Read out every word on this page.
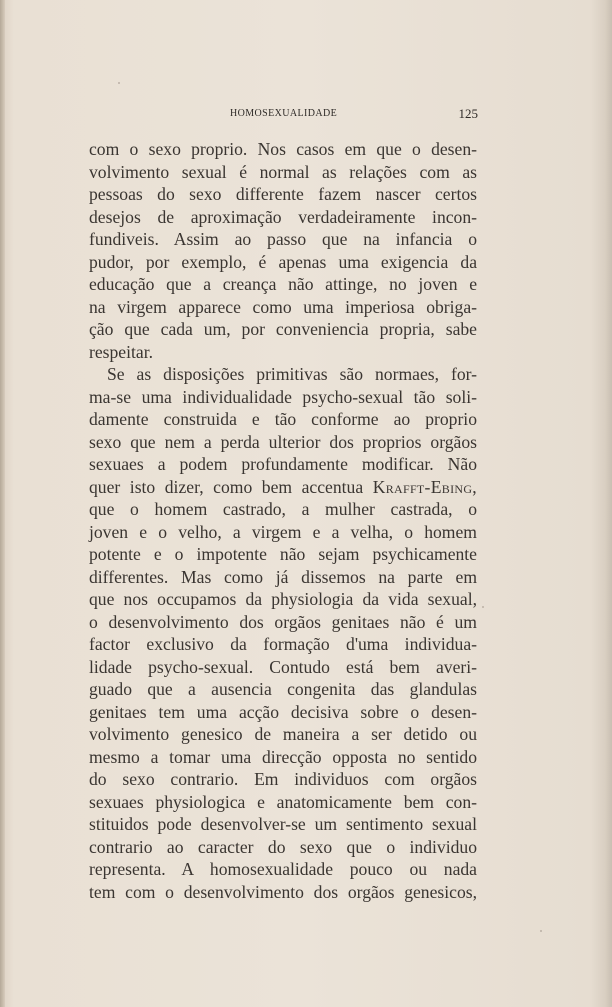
HOMOSEXUALIDADE	125
com o sexo proprio. Nos casos em que o desen-
volvimento sexual é normal as relações com as
pessoas do sexo differente fazem nascer certos
desejos de aproximação verdadeiramente incon-
fundiveis. Assim ao passo que na infancia o
pudor, por exemplo, é apenas uma exigencia da
educação que a creança não attinge, no joven e
na virgem apparece como uma imperiosa obriga-
ção que cada um, por conveniencia propria, sabe
respeitar.
Se as disposições primitivas são normaes, for-
ma-se uma individualidade psycho-sexual tão soli-
damente construida e tão conforme ao proprio
sexo que nem a perda ulterior dos proprios orgãos
sexuaes a podem profundamente modificar. Não
quer isto dizer, como bem accentua Krafft-Ebing,
que o homem castrado, a mulher castrada, o
joven e o velho, a virgem e a velha, o homem
potente e o impotente não sejam psychicamente
differentes. Mas como já dissemos na parte em
que nos occupamos da physiologia da vida sexual,
o desenvolvimento dos orgãos genitaes não é um
factor exclusivo da formação d'uma individua-
lidade psycho-sexual. Contudo está bem averi-
guado que a ausencia congenita das glandulas
genitaes tem uma acção decisiva sobre o desen-
volvimento genesico de maneira a ser detido ou
mesmo a tomar uma direcção opposta no sentido
do sexo contrario. Em individuos com orgãos
sexuaes physiologica e anatomicamente bem con-
stituidos pode desenvolver-se um sentimento sexual
contrario ao caracter do sexo que o individuo
representa. A homosexualidade pouco ou nada
tem com o desenvolvimento dos orgãos genesicos,
